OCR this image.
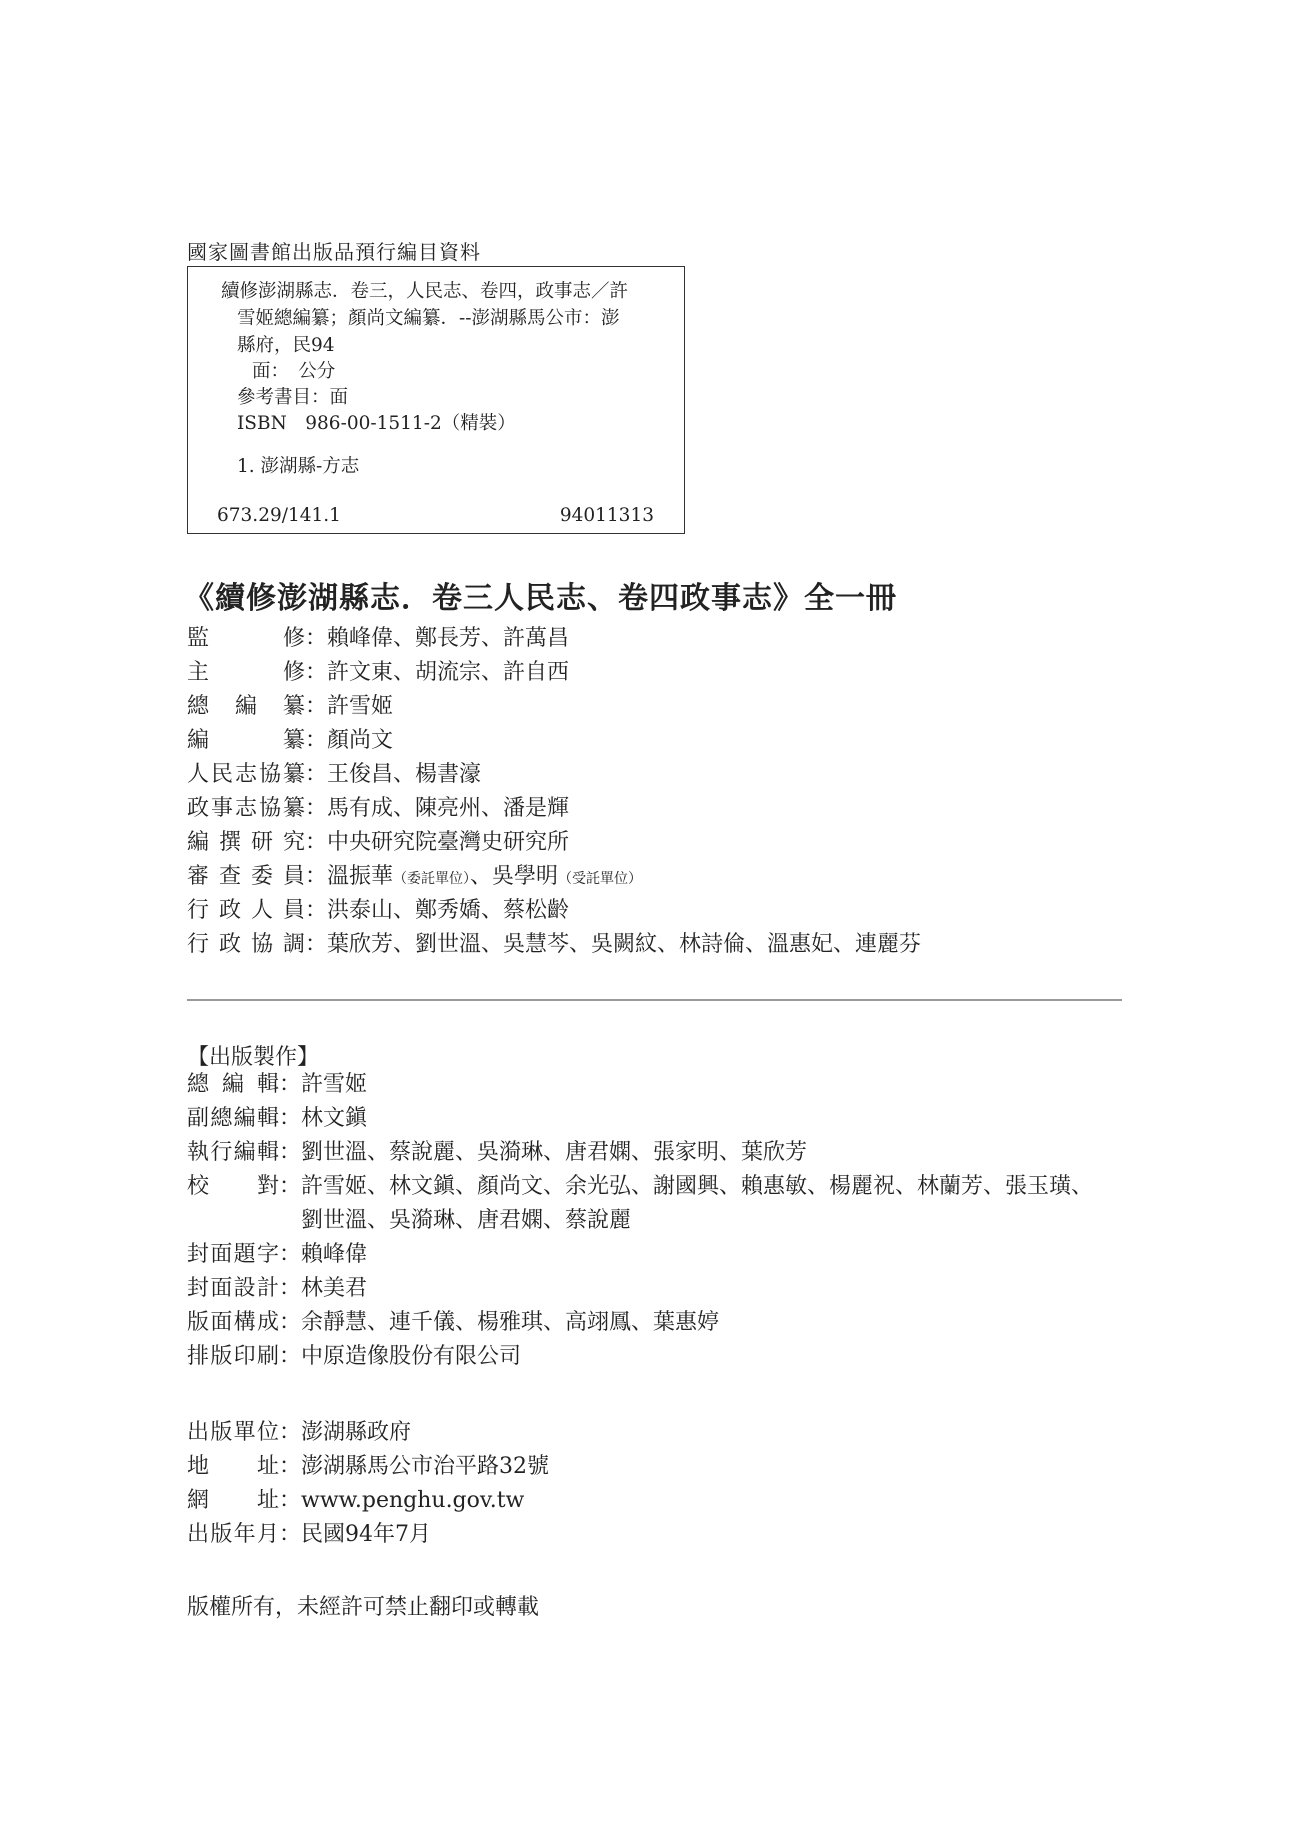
國家圖書館出版品預行編目資料
續修澎湖縣志．卷三，人民志、卷四，政事志／許
雪姬總編纂；顏尚文編纂．--澎湖縣馬公市：澎
縣府，民94
面：　公分
參考書目：面
ISBN　986-00-1511-2（精裝）
1. 澎湖縣-方志
673.29/141.1	94011313
《續修澎湖縣志．卷三人民志、卷四政事志》全一冊
監修：賴峰偉、鄭長芳、許萬昌
主修：許文東、胡流宗、許自西
總編纂：許雪姬
編纂：顏尚文
人民志協纂：王俊昌、楊書濠
政事志協纂：馬有成、陳亮州、潘是輝
編撰研究：中央研究院臺灣史研究所
審查委員：溫振華（委託單位）、吳學明（受託單位）
行政人員：洪泰山、鄭秀嬌、蔡松齡
行政協調：葉欣芳、劉世溫、吳慧芩、吳闕紋、林詩倫、溫惠妃、連麗芬
【出版製作】
總編輯：許雪姬
副總編輯：林文鎭
執行編輯：劉世溫、蔡說麗、吳漪琳、唐君嫻、張家明、葉欣芳
校對：許雪姬、林文鎭、顏尚文、余光弘、謝國興、賴惠敏、楊麗祝、林蘭芳、張玉璜、
劉世溫、吳漪琳、唐君嫻、蔡說麗
封面題字：賴峰偉
封面設計：林美君
版面構成：余靜慧、連千儀、楊雅琪、高翊鳳、葉惠婷
排版印刷：中原造像股份有限公司
出版單位：澎湖縣政府
地址：澎湖縣馬公市治平路32號
網址：www.penghu.gov.tw
出版年月：民國94年7月
版權所有，未經許可禁止翻印或轉載
